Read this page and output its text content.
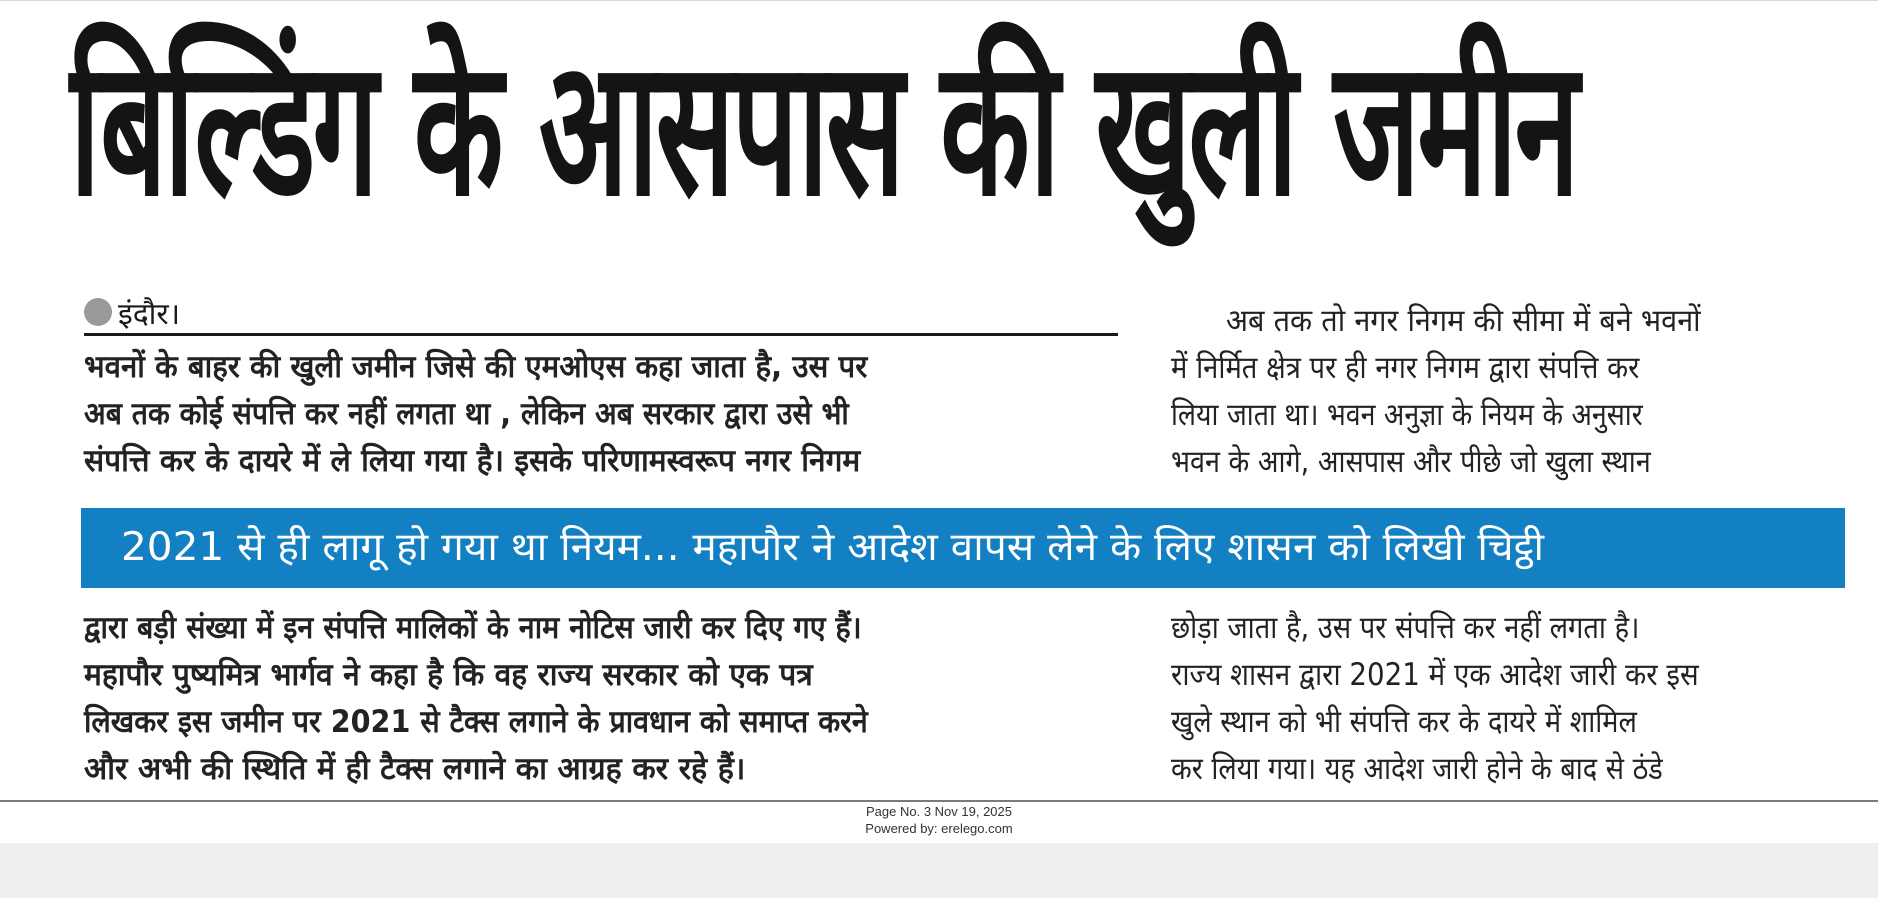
बिल्डिंग के आसपास की खुली जमीन
इंदौर।
भवनों के बाहर की खुली जमीन जिसे की एमओएस कहा जाता है, उस पर
अब तक कोई संपत्ति कर नहीं लगता था , लेकिन अब सरकार द्वारा उसे भी
संपत्ति कर के दायरे में ले लिया गया है। इसके परिणामस्वरूप नगर निगम
अब तक तो नगर निगम की सीमा में बने भवनों
में निर्मित क्षेत्र पर ही नगर निगम द्वारा संपत्ति कर
लिया जाता था। भवन अनुज्ञा के नियम के अनुसार
भवन के आगे, आसपास और पीछे जो खुला स्थान
2021 से ही लागू हो गया था नियम... महापौर ने आदेश वापस लेने के लिए शासन को लिखी चिट्ठी
द्वारा बड़ी संख्या में इन संपत्ति मालिकों के नाम नोटिस जारी कर दिए गए हैं।
महापौर पुष्यमित्र भार्गव ने कहा है कि वह राज्य सरकार को एक पत्र
लिखकर इस जमीन पर 2021 से टैक्स लगाने के प्रावधान को समाप्त करने
और अभी की स्थिति में ही टैक्स लगाने का आग्रह कर रहे हैं।
छोड़ा जाता है, उस पर संपत्ति कर नहीं लगता है।
राज्य शासन द्वारा 2021 में एक आदेश जारी कर इस
खुले स्थान को भी संपत्ति कर के दायरे में शामिल
कर लिया गया। यह आदेश जारी होने के बाद से ठंडे
Page No. 3 Nov 19, 2025
Powered by: erelego.com
